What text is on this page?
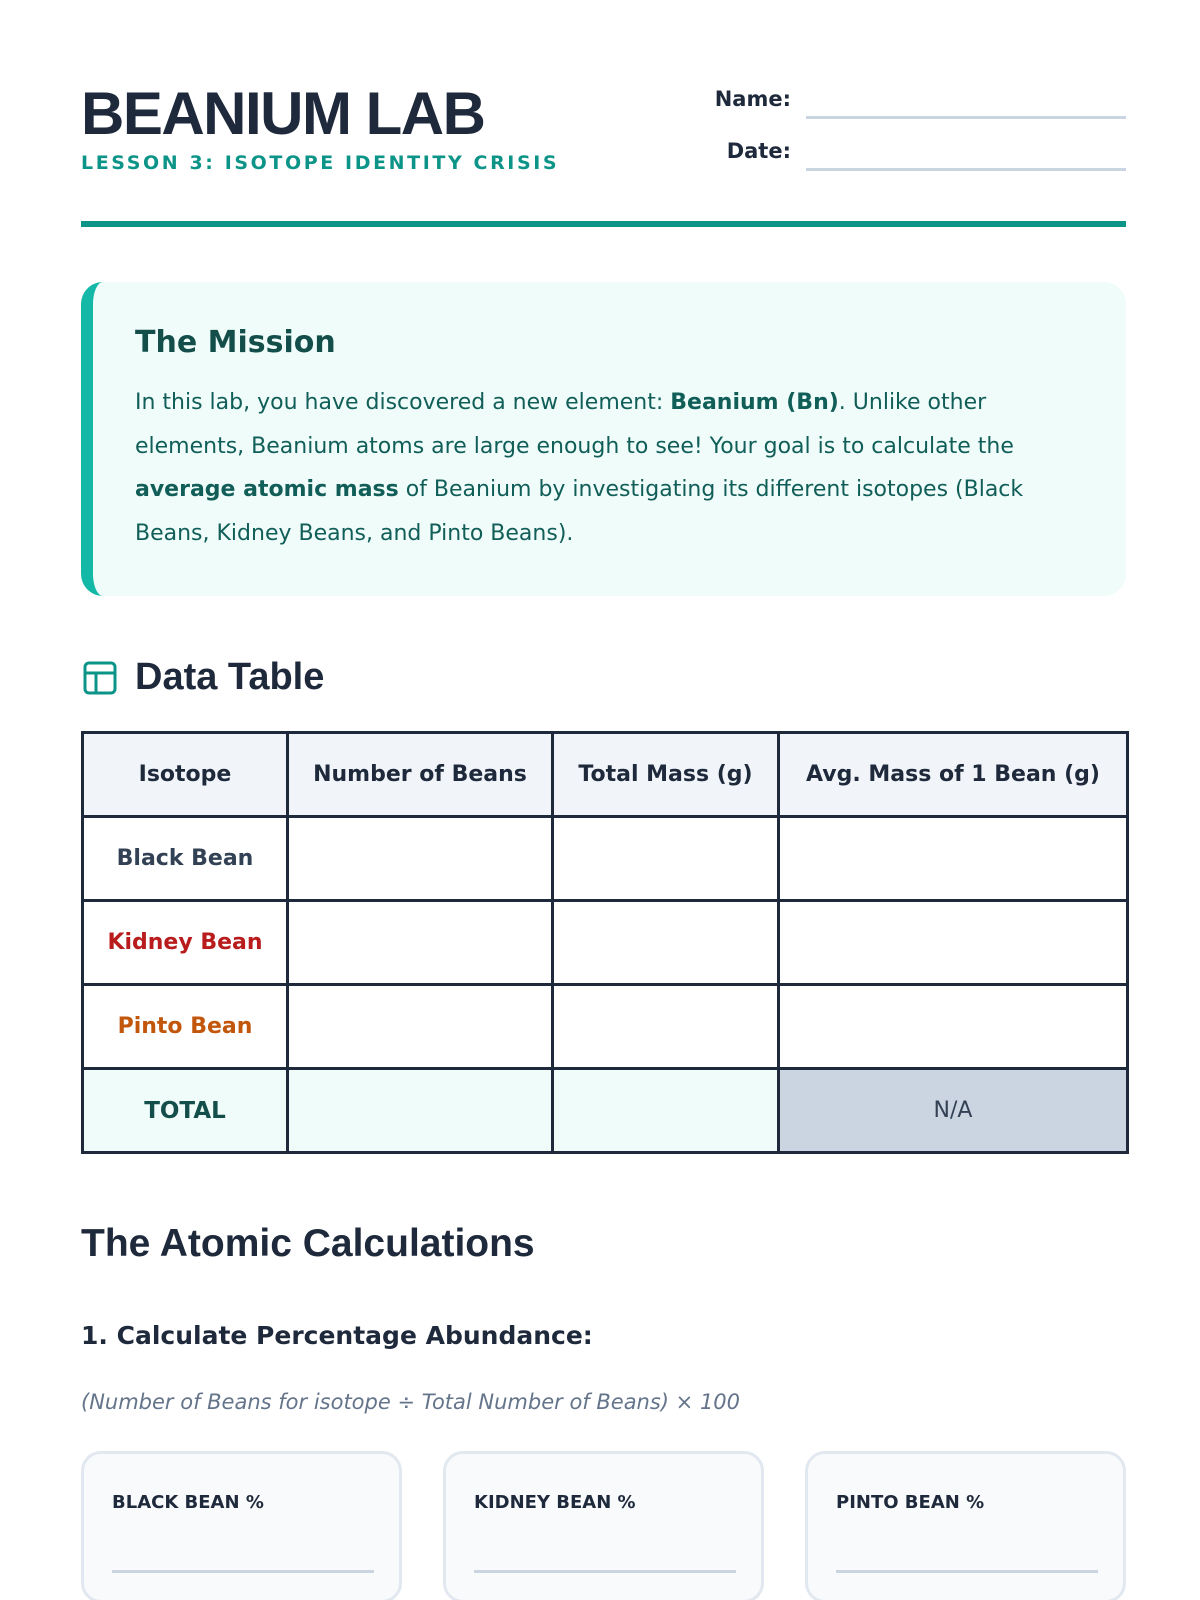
BEANIUM LAB
LESSON 3: ISOTOPE IDENTITY CRISIS
Name:
Date:
The Mission

In this lab, you have discovered a new element: Beanium (Bn). Unlike other

elements, Beanium atoms are large enough to see! Your goal is to calculate the

average atomic mass of Beanium by investigating its different isotopes (Black

Beans, Kidney Beans, and Pinto Beans).

Data Table
Isotope	Number of Beans	Total Mass (g)	Avg. Mass of 1 Bean (g)
Black Bean			
Kidney Bean			
Pinto Bean			
TOTAL			N/A
The Atomic Calculations
1. Calculate Percentage Abundance:
(Number of Beans for isotope ÷ Total Number of Beans) × 100
BLACK BEAN %	KIDNEY BEAN %	PINTO BEAN %
